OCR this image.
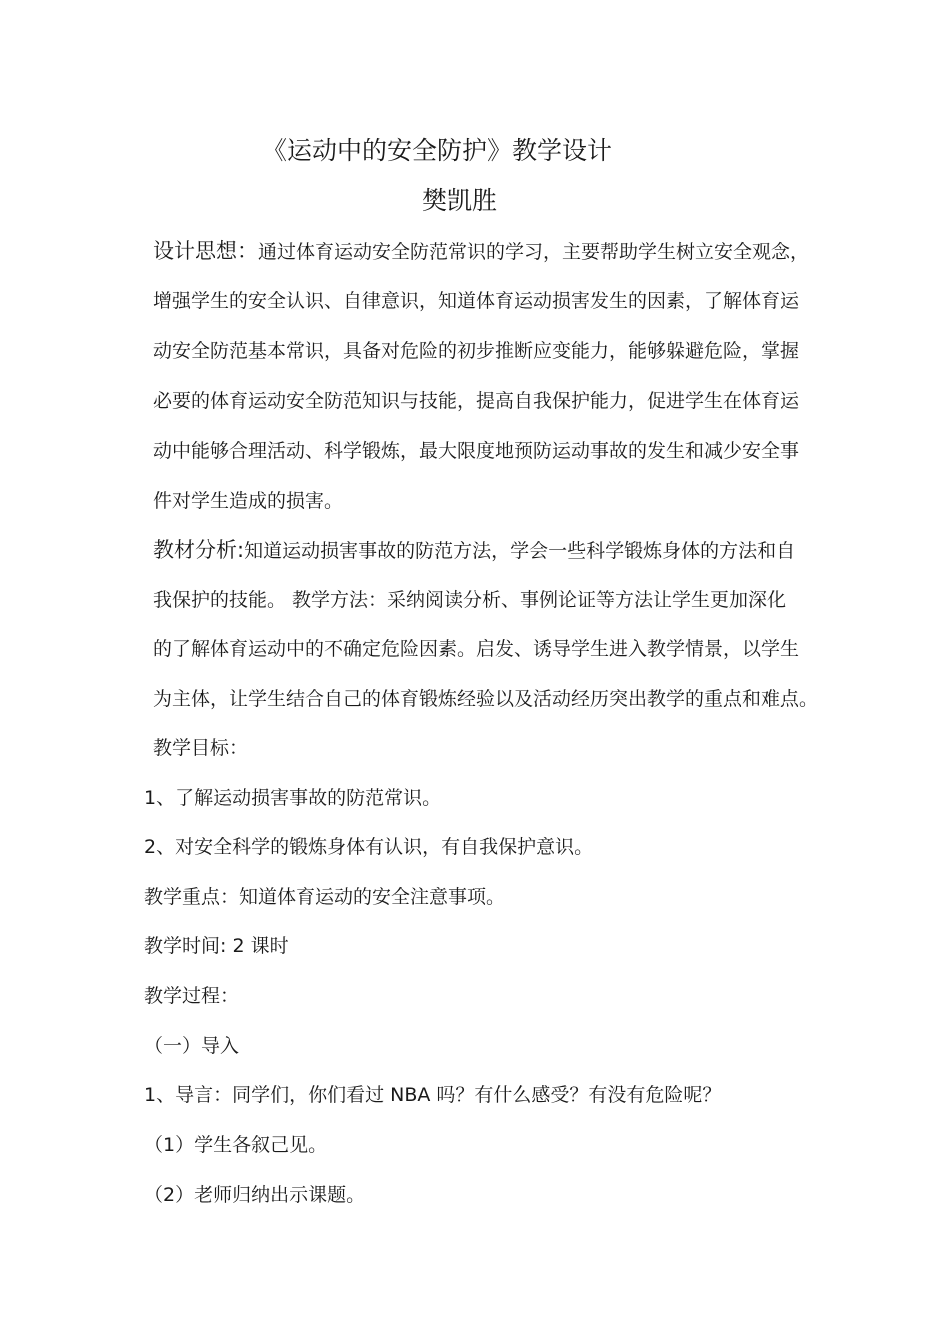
《运动中的安全防护》教学设计
樊凯胜
设计思想：通过体育运动安全防范常识的学习，主要帮助学生树立安全观念，
增强学生的安全认识、自律意识，知道体育运动损害发生的因素，了解体育运
动安全防范基本常识，具备对危险的初步推断应变能力，能够躲避危险，掌握
必要的体育运动安全防范知识与技能，提高自我保护能力，促进学生在体育运
动中能够合理活动、科学锻炼，最大限度地预防运动事故的发生和减少安全事
件对学生造成的损害。
教材分析:知道运动损害事故的防范方法，学会一些科学锻炼身体的方法和自
我保护的技能。 教学方法：采纳阅读分析、事例论证等方法让学生更加深化
的了解体育运动中的不确定危险因素。启发、诱导学生进入教学情景，以学生
为主体，让学生结合自己的体育锻炼经验以及活动经历突出教学的重点和难点。
教学目标：
1、了解运动损害事故的防范常识。
2、对安全科学的锻炼身体有认识，有自我保护意识。
教学重点：知道体育运动的安全注意事项。
教学时间: 2 课时
教学过程：
（一）导入
1、导言：同学们，你们看过 NBA 吗？有什么感受？有没有危险呢？
（1）学生各叙己见。
（2）老师归纳出示课题。
